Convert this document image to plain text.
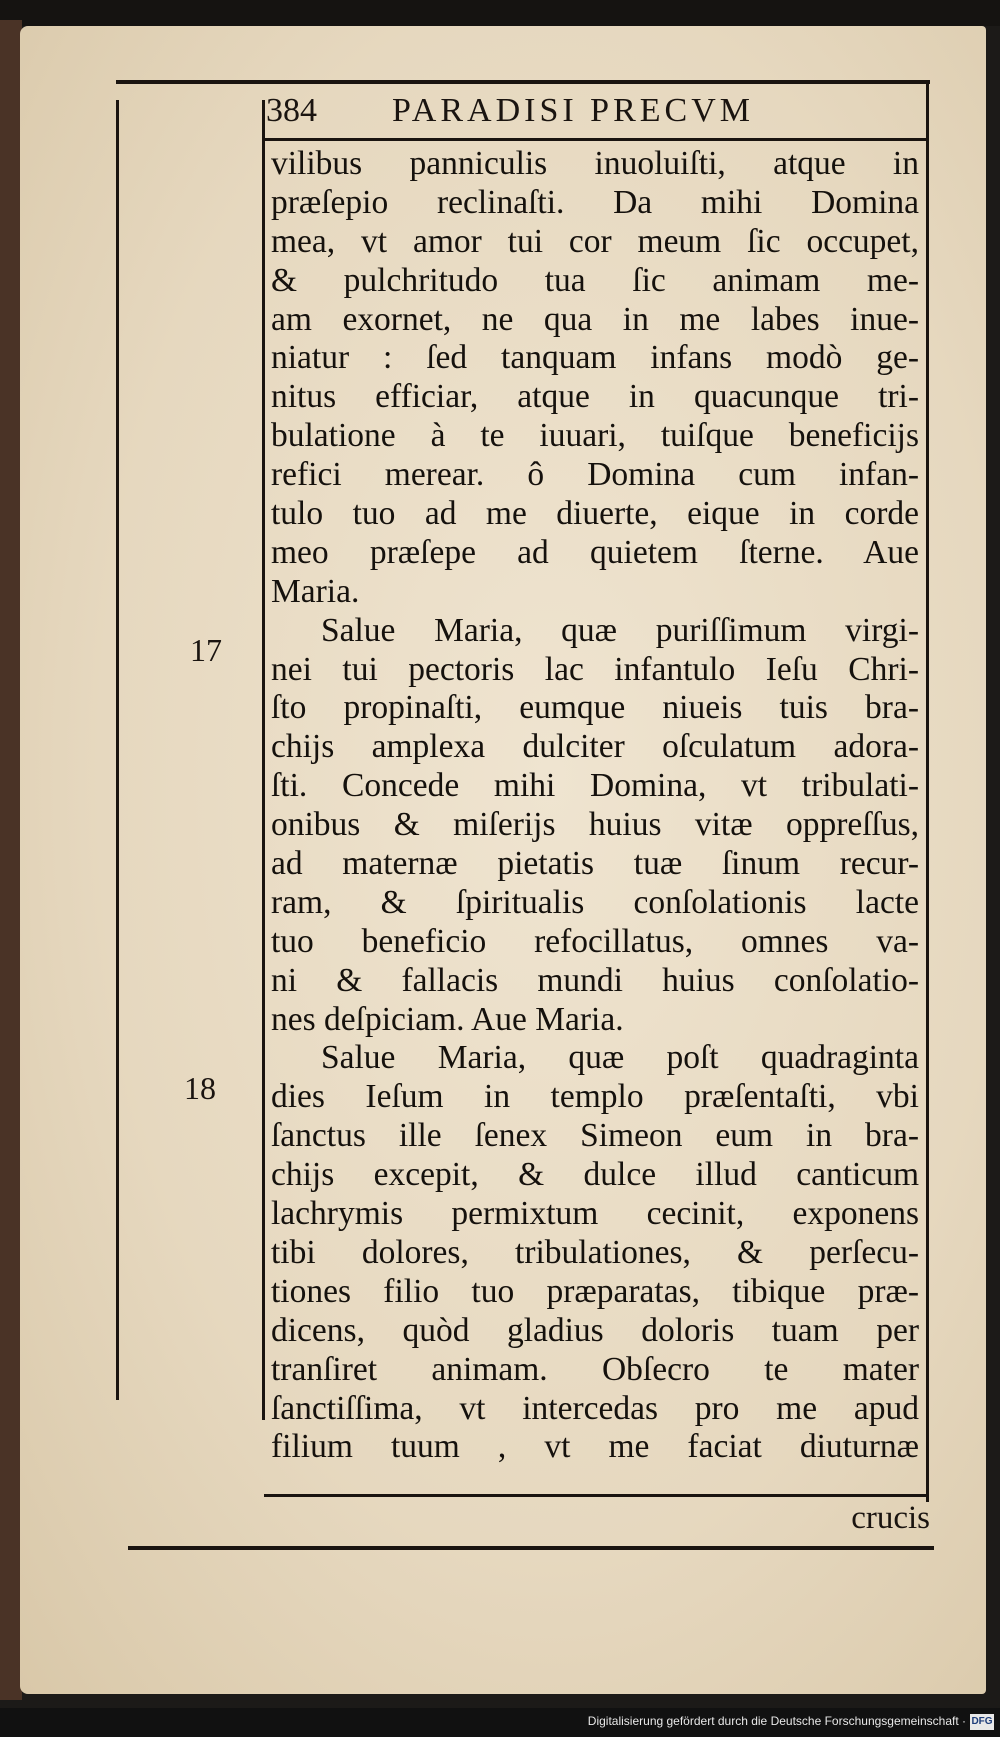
384 PARADISI PRECVM
vilibus panniculis inuoluiſti, atque in
præſepio reclinaſti. Da mihi Domina
mea, vt amor tui cor meum ſic occupet,
& pulchritudo tua ſic animam me-
am exornet, ne qua in me labes inue-
niatur : ſed tanquam infans modò ge-
nitus efficiar, atque in quacunque tri-
bulatione à te iuuari, tuiſque beneficijs
refici merear. ô Domina cum infan-
tulo tuo ad me diuerte, eique in corde
meo præſepe ad quietem ſterne. Aue
Maria.
Salue Maria, quæ puriſſimum virgi-
nei tui pectoris lac infantulo Ieſu Chri-
ſto propinaſti, eumque niueis tuis bra-
chijs amplexa dulciter oſculatum adora-
ſti. Concede mihi Domina, vt tribulati-
onibus & miſerijs huius vitæ oppreſſus,
ad maternæ pietatis tuæ ſinum recur-
ram, & ſpiritualis conſolationis lacte
tuo beneficio refocillatus, omnes va-
ni & fallacis mundi huius conſolatio-
nes deſpiciam. Aue Maria.
Salue Maria, quæ poſt quadraginta
dies Ieſum in templo præſentaſti, vbi
ſanctus ille ſenex Simeon eum in bra-
chijs excepit, & dulce illud canticum
lachrymis permixtum cecinit, exponens
tibi dolores, tribulationes, & perſecu-
tiones filio tuo præparatas, tibique præ-
dicens, quòd gladius doloris tuam per
tranſiret animam. Obſecro te mater
ſanctiſſima, vt intercedas pro me apud
filium tuum , vt me faciat diuturnæ
17
18
crucis
Digitalisierung gefördert durch die Deutsche Forschungsgemeinschaft · DFG
